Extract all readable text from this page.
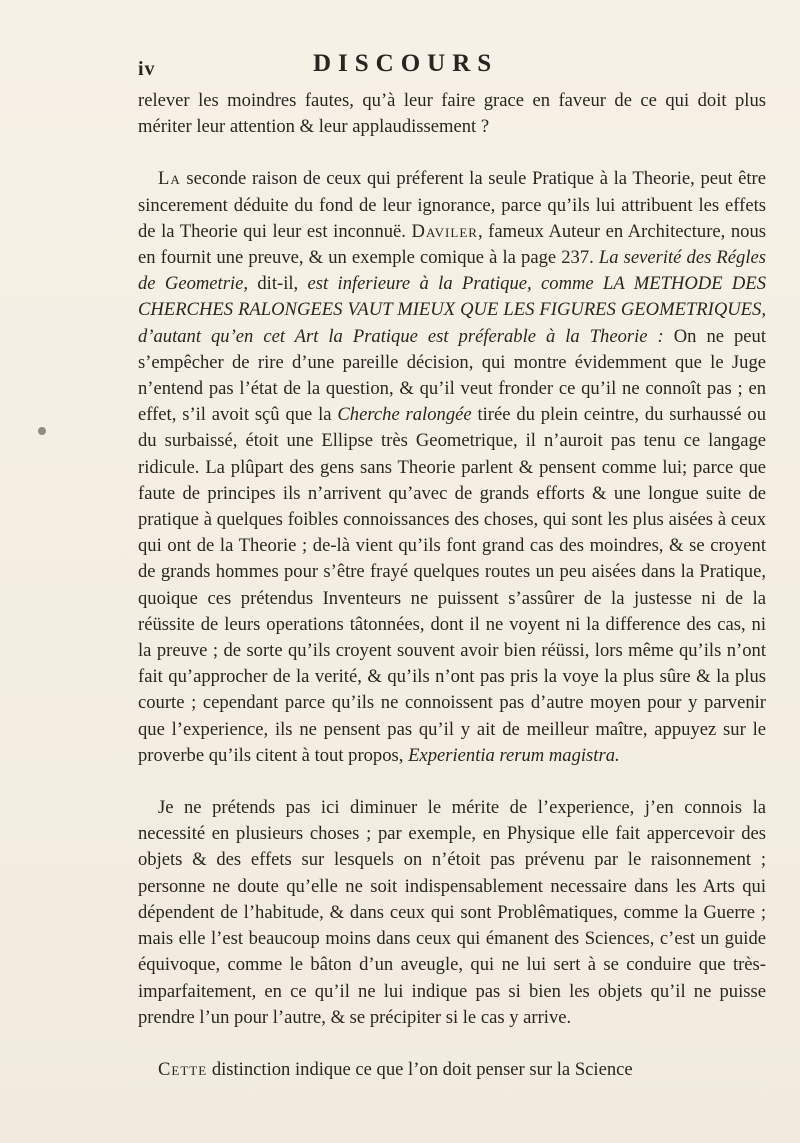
iv	DISCOURS

relever les moindres fautes, qu’à leur faire grace en faveur de ce qui doit plus mériter leur attention & leur applaudissement ?

La seconde raison de ceux qui préferent la seule Pratique à la Theorie, peut être sincerement déduite du fond de leur ignorance, parce qu’ils lui attribuent les effets de la Theorie qui leur est inconnuë. Daviler, fameux Auteur en Architecture, nous en fournit une preuve, & un exemple comique à la page 237. La severité des Régles de Geometrie, dit-il, est inferieure à la Pratique, comme LA METHODE DES CHERCHES RALONGEES VAUT MIEUX QUE LES FIGURES GEOMETRIQUES, d’autant qu’en cet Art la Pratique est préferable à la Theorie : On ne peut s’empêcher de rire d’une pareille décision, qui montre évidemment que le Juge n’entend pas l’état de la question, & qu’il veut fronder ce qu’il ne connoît pas ; en effet, s’il avoit sçû que la Cherche ralongée tirée du plein ceintre, du surhaussé ou du surbaissé, étoit une Ellipse très Geometrique, il n’auroit pas tenu ce langage ridicule. La plûpart des gens sans Theorie parlent & pensent comme lui; parce que faute de principes ils n’arrivent qu’avec de grands efforts & une longue suite de pratique à quelques foibles connoissances des choses, qui sont les plus aisées à ceux qui ont de la Theorie ; de-là vient qu’ils font grand cas des moindres, & se croyent de grands hommes pour s’être frayé quelques routes un peu aisées dans la Pratique, quoique ces prétendus Inventeurs ne puissent s’assûrer de la justesse ni de la réüssite de leurs operations tâtonnées, dont il ne voyent ni la difference des cas, ni la preuve ; de sorte qu’ils croyent souvent avoir bien réüssi, lors même qu’ils n’ont fait qu’approcher de la verité, & qu’ils n’ont pas pris la voye la plus sûre & la plus courte ; cependant parce qu’ils ne connoissent pas d’autre moyen pour y parvenir que l’experience, ils ne pensent pas qu’il y ait de meilleur maître, appuyez sur le proverbe qu’ils citent à tout propos, Experientia rerum magistra.

Je ne prétends pas ici diminuer le mérite de l’experience, j’en connois la necessité en plusieurs choses ; par exemple, en Physique elle fait appercevoir des objets & des effets sur lesquels on n’étoit pas prévenu par le raisonnement ; personne ne doute qu’elle ne soit indispensablement necessaire dans les Arts qui dépendent de l’habitude, & dans ceux qui sont Problêmatiques, comme la Guerre ; mais elle l’est beaucoup moins dans ceux qui émanent des Sciences, c’est un guide équivoque, comme le bâton d’un aveugle, qui ne lui sert à se conduire que très-imparfaitement, en ce qu’il ne lui indique pas si bien les objets qu’il ne puisse prendre l’un pour l’autre, & se précipiter si le cas y arrive.

Cette distinction indique ce que l’on doit penser sur la Science
